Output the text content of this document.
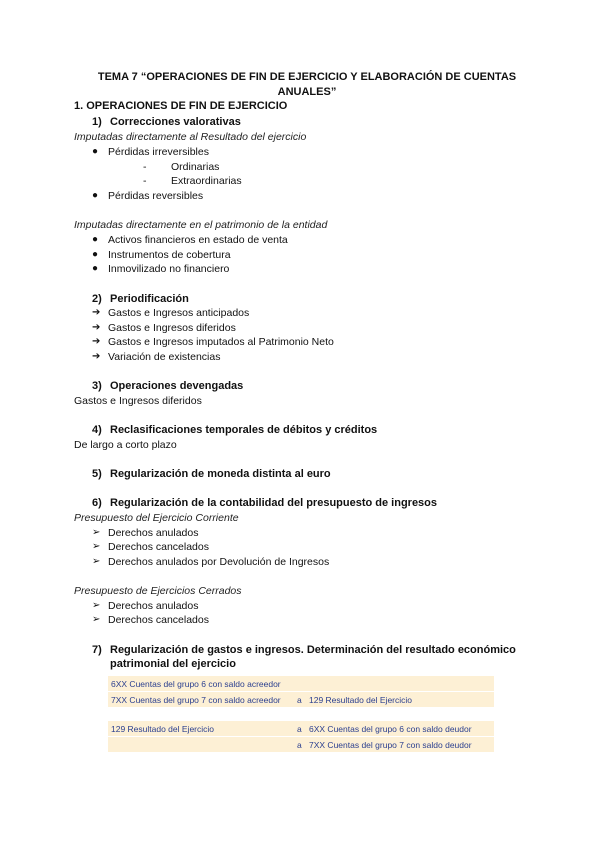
TEMA 7 “OPERACIONES DE FIN DE EJERCICIO Y ELABORACIÓN DE CUENTAS ANUALES”
1. OPERACIONES DE FIN DE EJERCICIO
1) Correcciones valorativas
Imputadas directamente al Resultado del ejercicio
● Pérdidas irreversibles
- Ordinarias
- Extraordinarias
● Pérdidas reversibles
Imputadas directamente en el patrimonio de la entidad
● Activos financieros en estado de venta
● Instrumentos de cobertura
● Inmovilizado no financiero
2) Periodificación
➔ Gastos e Ingresos anticipados
➔ Gastos e Ingresos diferidos
➔ Gastos e Ingresos imputados al Patrimonio Neto
➔ Variación de existencias
3) Operaciones devengadas
Gastos e Ingresos diferidos
4) Reclasificaciones temporales de débitos y créditos
De largo a corto plazo
5) Regularización de moneda distinta al euro
6) Regularización de la contabilidad del presupuesto de ingresos
Presupuesto del Ejercicio Corriente
➢ Derechos anulados
➢ Derechos cancelados
➢ Derechos anulados por Devolución de Ingresos
Presupuesto de Ejercicios Cerrados
➢ Derechos anulados
➢ Derechos cancelados
7) Regularización de gastos e ingresos. Determinación del resultado económico
patrimonial del ejercicio
6XX Cuentas del grupo 6 con saldo acreedor
7XX Cuentas del grupo 7 con saldo acreedor a 129 Resultado del Ejercicio
129 Resultado del Ejercicio	a 6XX Cuentas del grupo 6 con saldo deudor
a 7XX Cuentas del grupo 7 con saldo deudor
